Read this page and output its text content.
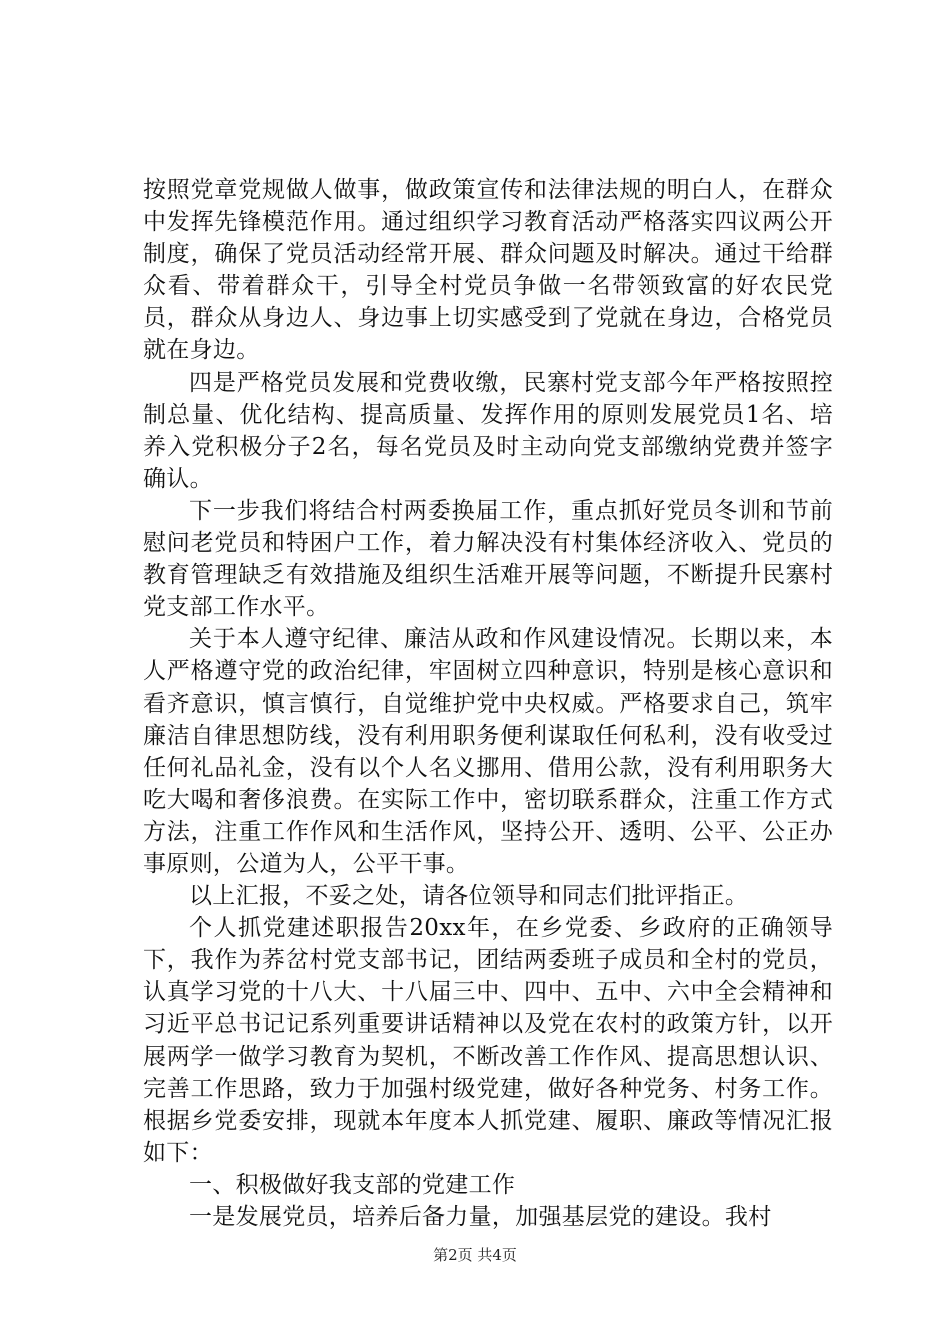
按照党章党规做人做事，做政策宣传和法律法规的明白人，在群众中发挥先锋模范作用。通过组织学习教育活动严格落实四议两公开制度，确保了党员活动经常开展、群众问题及时解决。通过干给群众看、带着群众干，引导全村党员争做一名带领致富的好农民党员，群众从身边人、身边事上切实感受到了党就在身边，合格党员就在身边。

四是严格党员发展和党费收缴，民寨村党支部今年严格按照控制总量、优化结构、提高质量、发挥作用的原则发展党员1名、培养入党积极分子2名，每名党员及时主动向党支部缴纳党费并签字确认。

下一步我们将结合村两委换届工作，重点抓好党员冬训和节前慰问老党员和特困户工作，着力解决没有村集体经济收入、党员的教育管理缺乏有效措施及组织生活难开展等问题，不断提升民寨村党支部工作水平。

关于本人遵守纪律、廉洁从政和作风建设情况。长期以来，本人严格遵守党的政治纪律，牢固树立四种意识，特别是核心意识和看齐意识，慎言慎行，自觉维护党中央权威。严格要求自己，筑牢廉洁自律思想防线，没有利用职务便利谋取任何私利，没有收受过任何礼品礼金，没有以个人名义挪用、借用公款，没有利用职务大吃大喝和奢侈浪费。在实际工作中，密切联系群众，注重工作方式方法，注重工作作风和生活作风，坚持公开、透明、公平、公正办事原则，公道为人，公平干事。

以上汇报，不妥之处，请各位领导和同志们批评指正。

个人抓党建述职报告20xx年，在乡党委、乡政府的正确领导下，我作为荞岔村党支部书记，团结两委班子成员和全村的党员，认真学习党的十八大、十八届三中、四中、五中、六中全会精神和习近平总书记记系列重要讲话精神以及党在农村的政策方针，以开展两学一做学习教育为契机，不断改善工作作风、提高思想认识、完善工作思路，致力于加强村级党建，做好各种党务、村务工作。根据乡党委安排，现就本年度本人抓党建、履职、廉政等情况汇报如下：

一、积极做好我支部的党建工作

一是发展党员，培养后备力量，加强基层党的建设。我村

第2页 共4页
